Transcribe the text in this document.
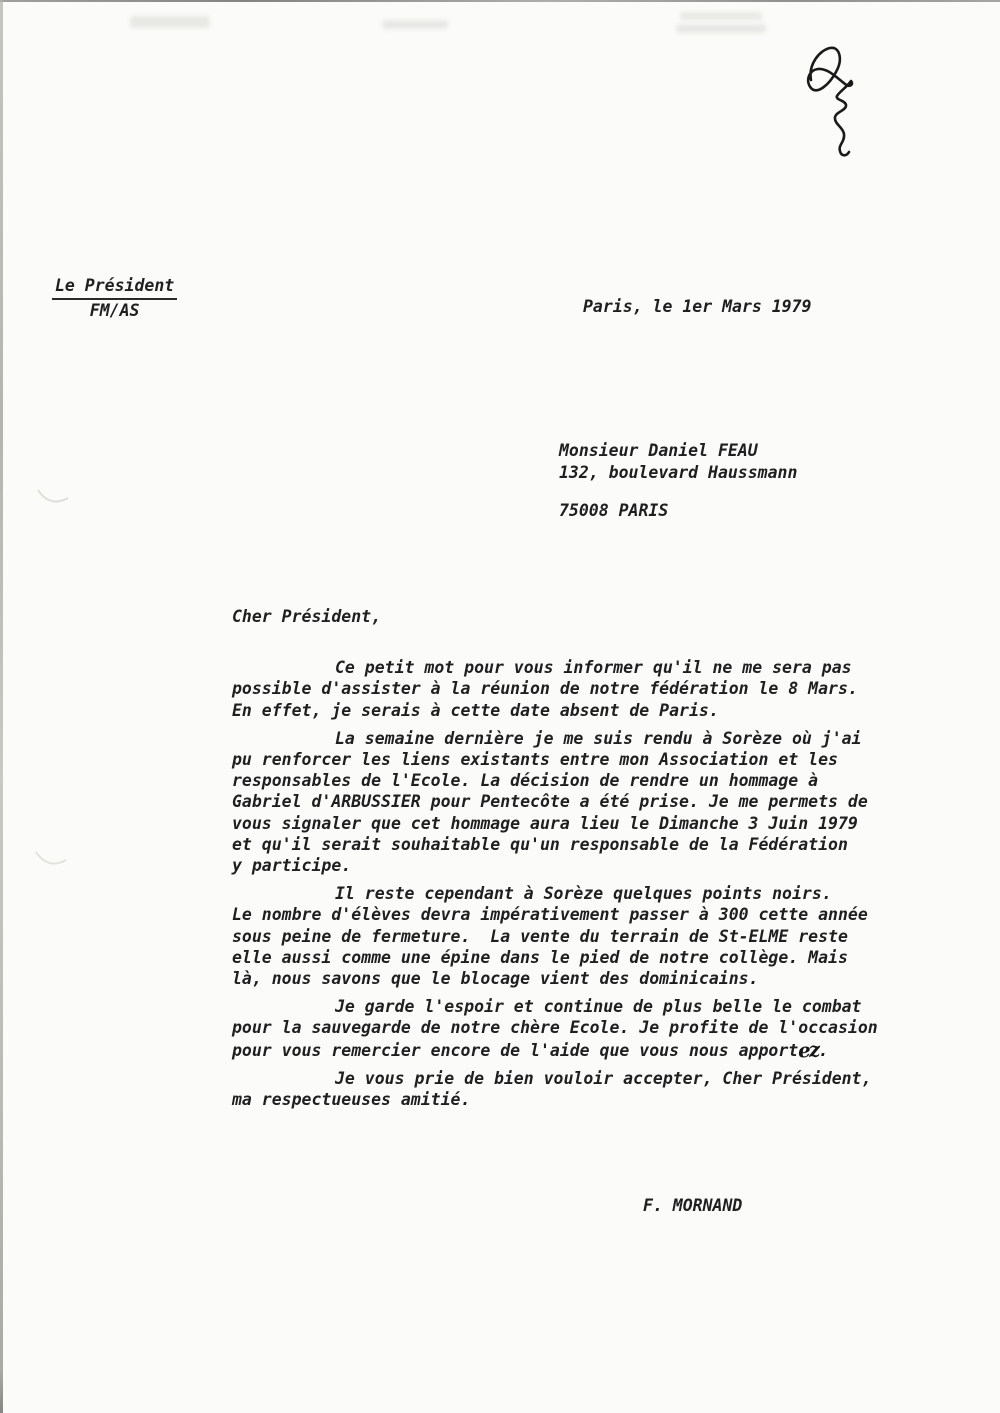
Le Président
FM/AS	Paris, le 1er Mars 1979
Monsieur Daniel FEAU
132, boulevard Haussmann
75008 PARIS
Cher Président,
Ce petit mot pour vous informer qu'il ne me sera pas
possible d'assister à la réunion de notre fédération le 8 Mars.
En effet, je serais à cette date absent de Paris.
La semaine dernière je me suis rendu à Sorèze où j'ai
pu renforcer les liens existants entre mon Association et les
responsables de l'Ecole. La décision de rendre un hommage à
Gabriel d'ARBUSSIER pour Pentecôte a été prise. Je me permets de
vous signaler que cet hommage aura lieu le Dimanche 3 Juin 1979
et qu'il serait souhaitable qu'un responsable de la Fédération
y participe.
Il reste cependant à Sorèze quelques points noirs.
Le nombre d'élèves devra impérativement passer à 300 cette année
sous peine de fermeture.  La vente du terrain de St-ELME reste
elle aussi comme une épine dans le pied de notre collège. Mais
là, nous savons que le blocage vient des dominicains.
Je garde l'espoir et continue de plus belle le combat
pour la sauvegarde de notre chère Ecole. Je profite de l'occasion
pour vous remercier encore de l'aide que vous nous apportez.
Je vous prie de bien vouloir accepter, Cher Président,
ma respectueuses amitié.
F. MORNAND
